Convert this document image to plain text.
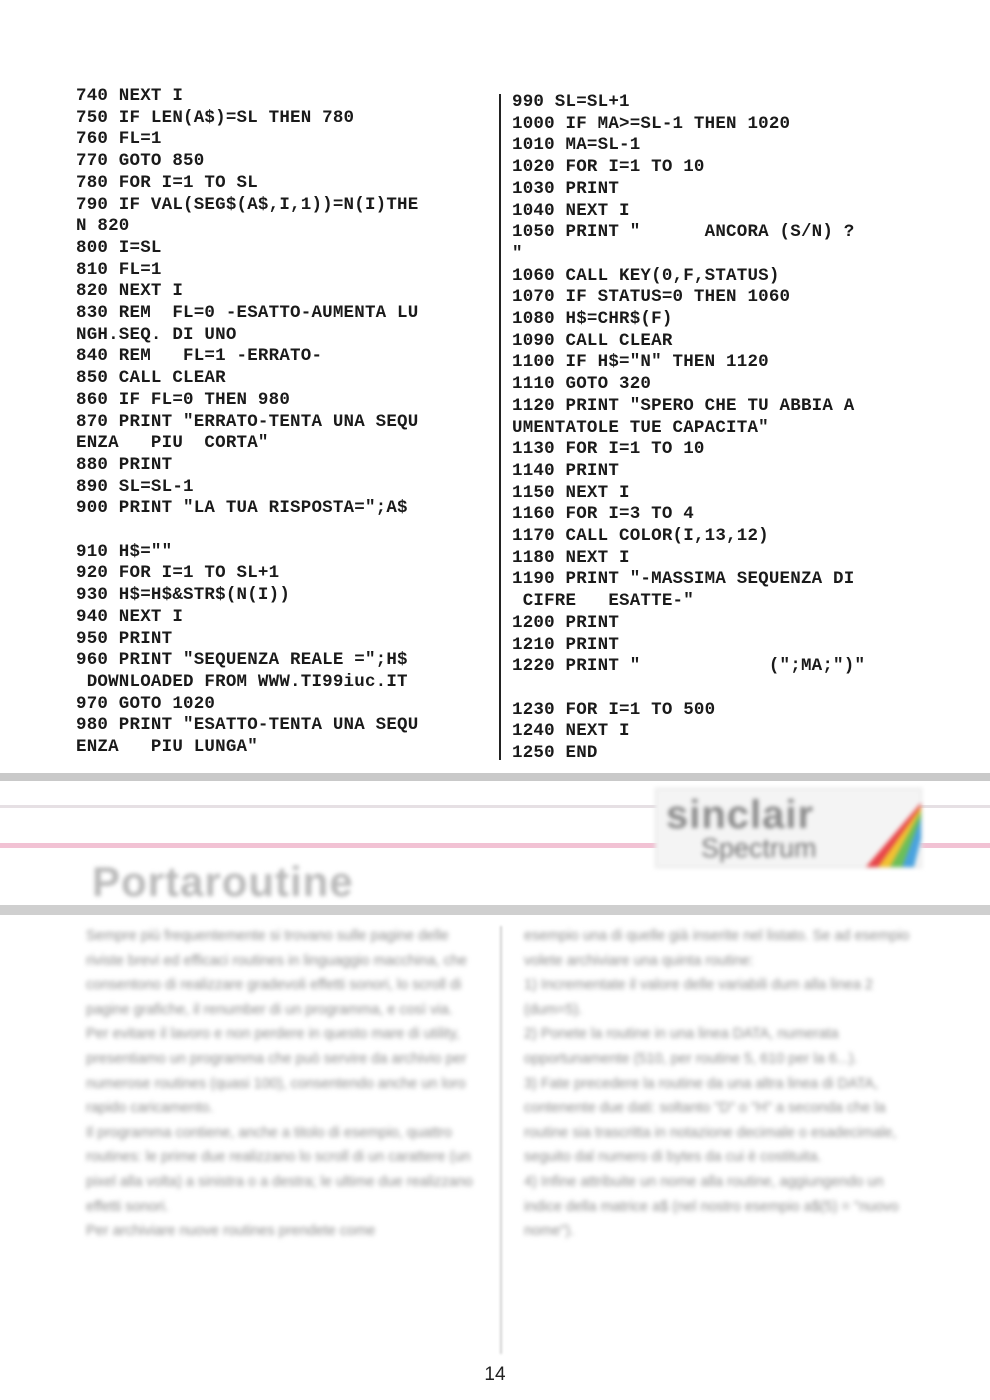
740 NEXT I
750 IF LEN(A$)=SL THEN 780
760 FL=1
770 GOTO 850
780 FOR I=1 TO SL
790 IF VAL(SEG$(A$,I,1))=N(I)THE
N 820
800 I=SL
810 FL=1
820 NEXT I
830 REM  FL=0 -ESATTO-AUMENTA LU
NGH.SEQ. DI UNO
840 REM   FL=1 -ERRATO-
850 CALL CLEAR
860 IF FL=0 THEN 980
870 PRINT "ERRATO-TENTA UNA SEQU
ENZA   PIU  CORTA"
880 PRINT
890 SL=SL-1
900 PRINT "LA TUA RISPOSTA=";A$
910 H$=""
920 FOR I=1 TO SL+1
930 H$=H$&STR$(N(I))
940 NEXT I
950 PRINT
960 PRINT "SEQUENZA REALE =";H$
DOWNLOADED FROM WWW.TI99iuc.IT
970 GOTO 1020
980 PRINT "ESATTO-TENTA UNA SEQU
ENZA   PIU LUNGA"
990 SL=SL+1
1000 IF MA>=SL-1 THEN 1020
1010 MA=SL-1
1020 FOR I=1 TO 10
1030 PRINT
1040 NEXT I
1050 PRINT "      ANCORA (S/N) ?
"
1060 CALL KEY(0,F,STATUS)
1070 IF STATUS=0 THEN 1060
1080 H$=CHR$(F)
1090 CALL CLEAR
1100 IF H$="N" THEN 1120
1110 GOTO 320
1120 PRINT "SPERO CHE TU ABBIA A
UMENTATOLE TUE CAPACITA"
1130 FOR I=1 TO 10
1140 PRINT
1150 NEXT I
1160 FOR I=3 TO 4
1170 CALL COLOR(I,13,12)
1180 NEXT I
1190 PRINT "-MASSIMA SEQUENZA DI
CIFRE   ESATTE-"
1200 PRINT
1210 PRINT
1220 PRINT "            (";MA;")"
1230 FOR I=1 TO 500
1240 NEXT I
1250 END
sinclair
Spectrum
Portaroutine

Sempre più frequentemente si trovano sulle pagine delle riviste brevi ed efficaci routines in linguaggio macchina, che consentono di realizzare gradevoli effetti sonori, lo scroll di pagine grafiche, il renumber di un programma, e così via.

Per evitare il lavoro e non perdere in questo mare di utility, presentiamo un programma che può servire da archivio per numerose routines (quasi 100), consentendo anche un loro rapido caricamento.

Il programma contiene, anche a titolo di esempio, quattro routines: le prime due realizzano lo scroll di un carattere (un pixel alla volta) a sinistra o a destra; le ultime due realizzano effetti sonori.

Per archiviare nuove routines prendete come

esempio una di quelle già inserite nel listato. Se ad esempio volete archiviare una quinta routine:

1) Incrementate il valore delle variabili dum alla linea 2 (dum=5).

2) Ponete la routine in una linea DATA, numerata opportunamente (510, per routine 5, 610 per la 6...).

3) Fate precedere la routine da una altra linea di DATA, contenente due dati: soltanto "D" o "H" a seconda che la routine sia trascritta in notazione decimale o esadecimale, seguito dal numero di bytes da cui è costituita.

4) Infine attribuite un nome alla routine, aggiungendo un indice della matrice a$ (nel nostro esempio a$(5) = "nuovo nome").

14
